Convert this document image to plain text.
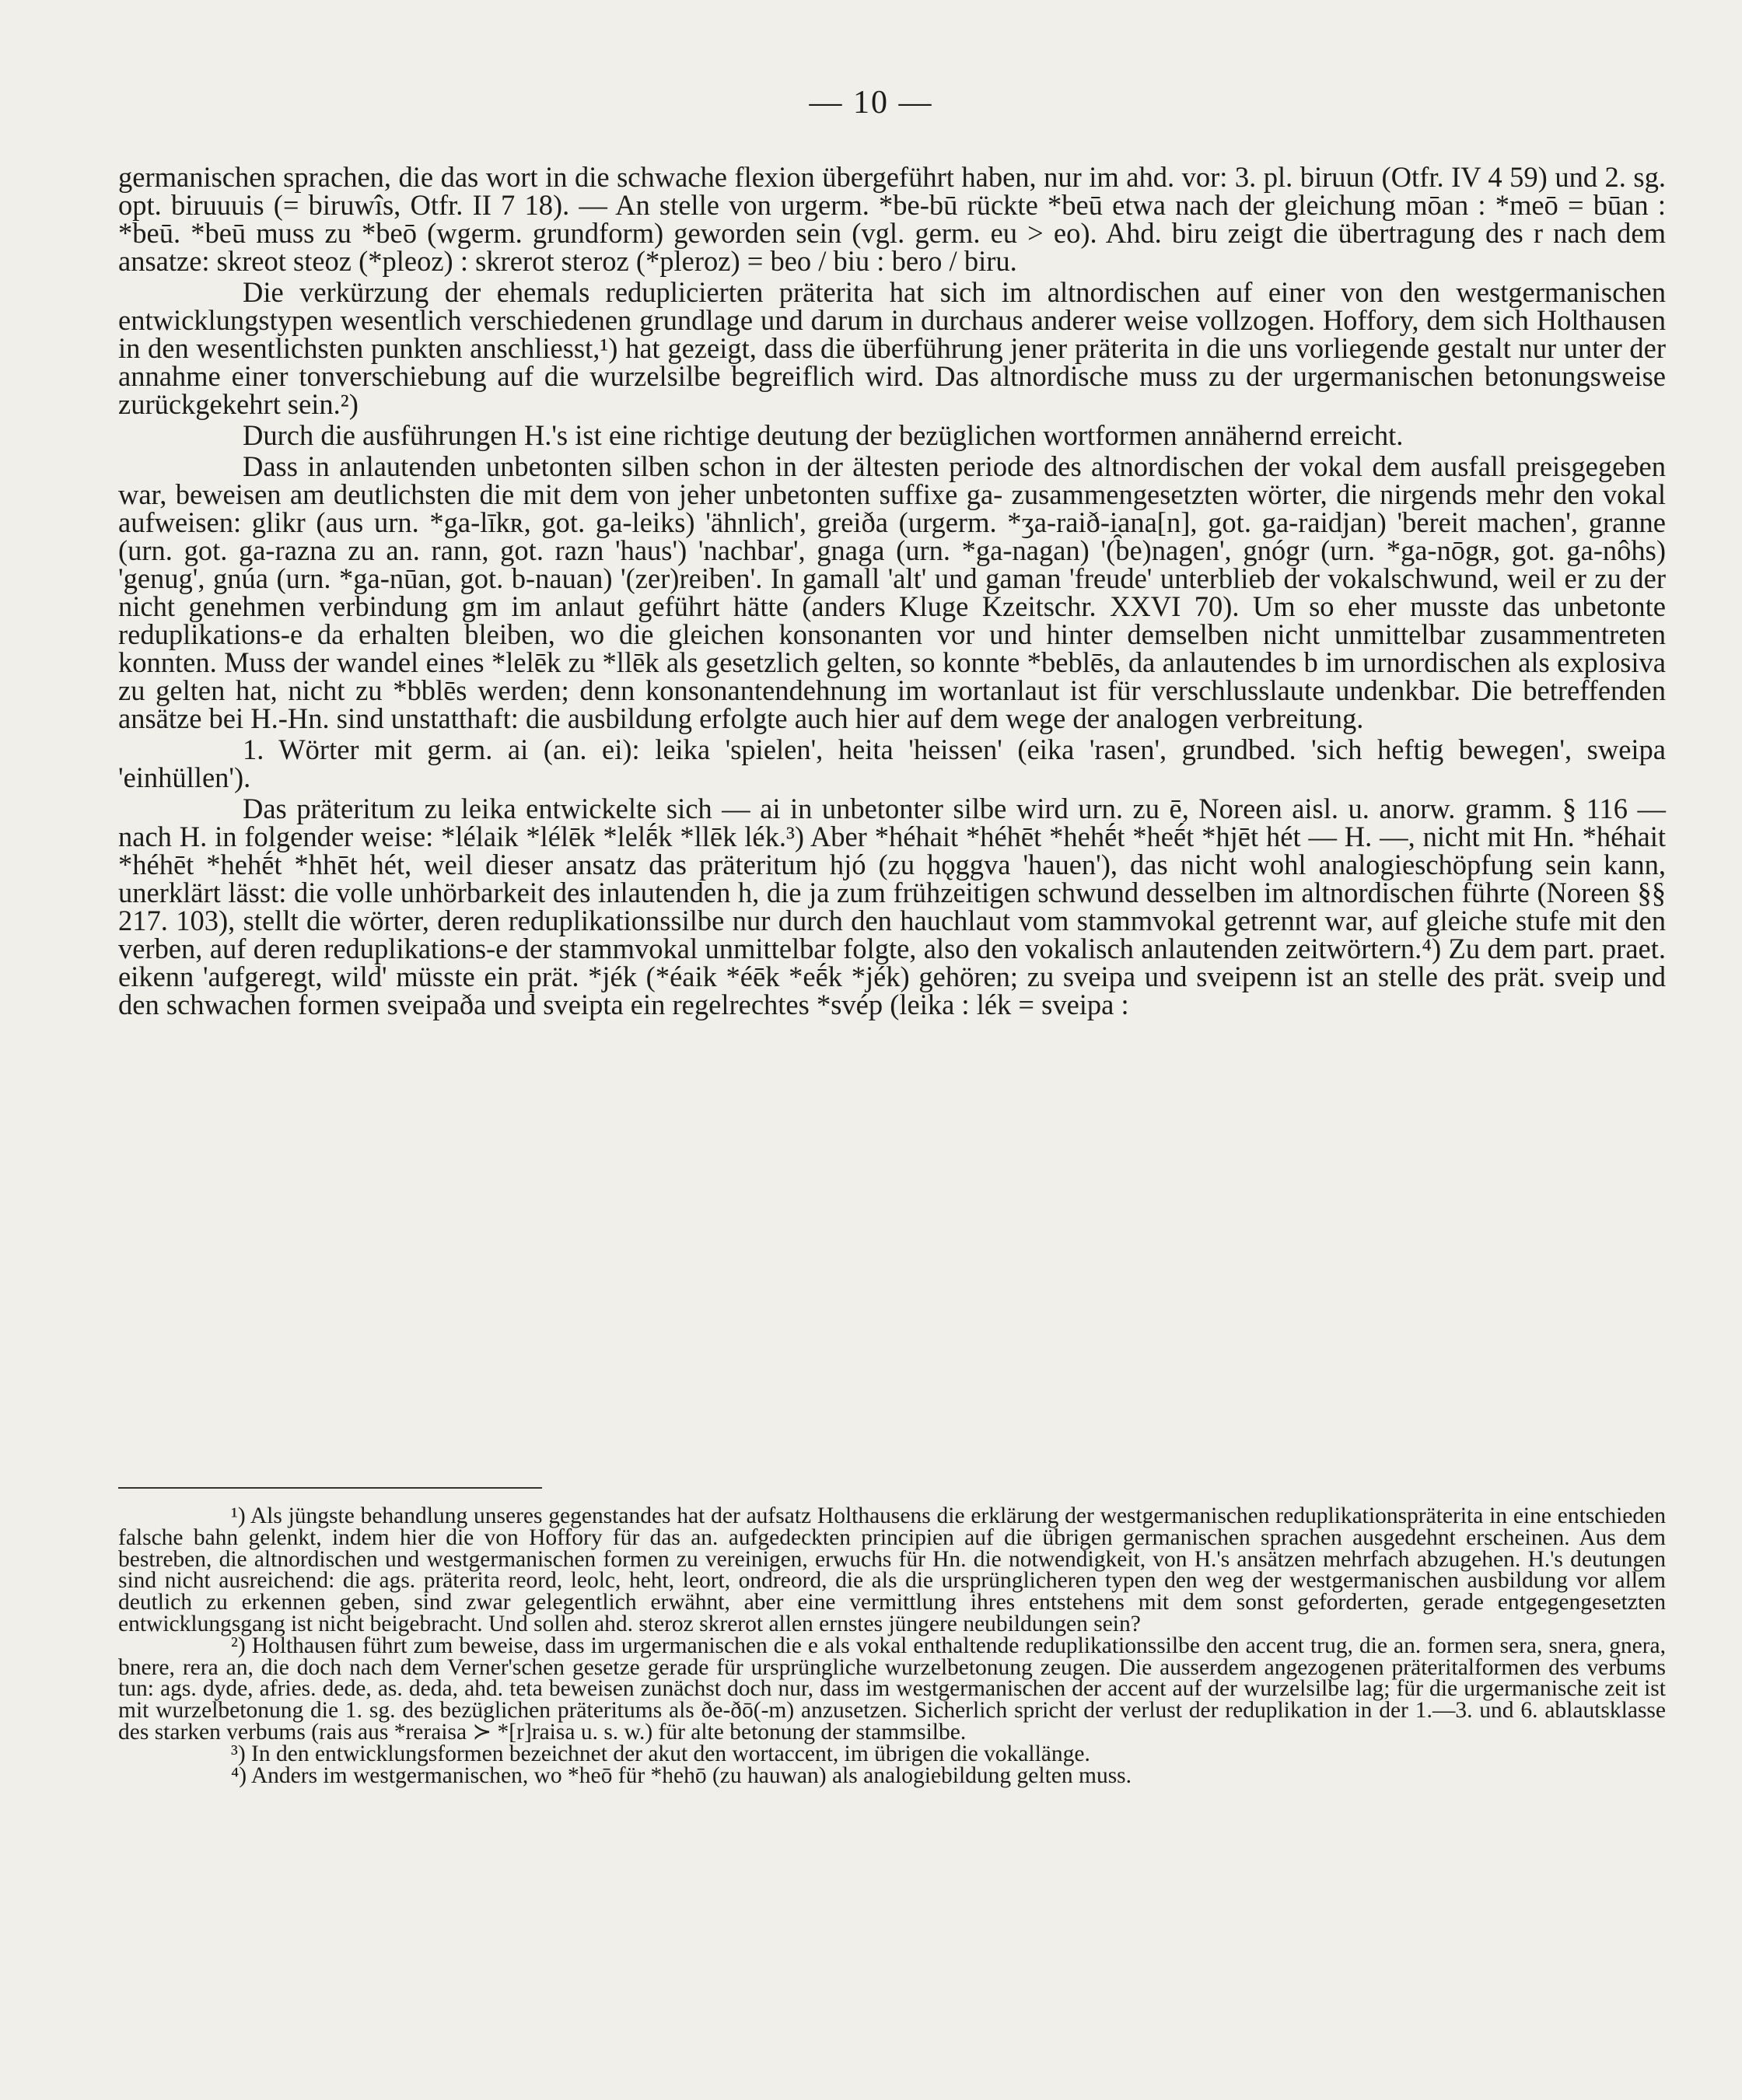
— 10 —

germanischen sprachen, die das wort in die schwache flexion übergeführt haben, nur im ahd. vor: 3. pl. biruun (Otfr. IV 4 59) und 2. sg. opt. biruuuis (= biruwîs, Otfr. II 7 18). — An stelle von urgerm. *be-bū rückte *beū etwa nach der gleichung mōan : *meō = būan : *beū. *beū muss zu *beō (wgerm. grundform) geworden sein (vgl. germ. eu > eo). Ahd. biru zeigt die übertragung des r nach dem ansatze: skreot steoz (*pleoz) : skrerot steroz (*pleroz) = beo / biu : bero / biru.

Die verkürzung der ehemals reduplicierten präterita hat sich im altnordischen auf einer von den westgermanischen entwicklungstypen wesentlich verschiedenen grundlage und darum in durchaus anderer weise vollzogen. Hoffory, dem sich Holthausen in den wesentlichsten punkten anschliesst,¹) hat gezeigt, dass die überführung jener präterita in die uns vorliegende gestalt nur unter der annahme einer tonverschiebung auf die wurzelsilbe begreiflich wird. Das altnordische muss zu der urgermanischen betonungsweise zurückgekehrt sein.²)

Durch die ausführungen H.'s ist eine richtige deutung der bezüglichen wortformen annähernd erreicht.

Dass in anlautenden unbetonten silben schon in der ältesten periode des altnordischen der vokal dem ausfall preisgegeben war, beweisen am deutlichsten die mit dem von jeher unbetonten suffixe ga- zusammengesetzten wörter, die nirgends mehr den vokal aufweisen: glikr (aus urn. *ga-līkʀ, got. ga-leiks) 'ähnlich', greiða (urgerm. *ʒa-raið-i̯ana[n], got. ga-raidjan) 'bereit machen', granne (urn. got. ga-razna zu an. rann, got. razn 'haus') 'nachbar', gnaga (urn. *ga-nagan) '(be)nagen', gnógr (urn. *ga-nōgʀ, got. ga-nôhs) 'genug', gnúa (urn. *ga-nūan, got. b-nauan) '(zer)reiben'. In gamall 'alt' und gaman 'freude' unterblieb der vokalschwund, weil er zu der nicht genehmen verbindung gm im anlaut geführt hätte (anders Kluge Kzeitschr. XXVI 70). Um so eher musste das unbetonte reduplikations-e da erhalten bleiben, wo die gleichen konsonanten vor und hinter demselben nicht unmittelbar zusammentreten konnten. Muss der wandel eines *lelēk zu *llēk als gesetzlich gelten, so konnte *beblēs, da anlautendes b im urnordischen als explosiva zu gelten hat, nicht zu *bblēs werden; denn konsonantendehnung im wortanlaut ist für verschlusslaute undenkbar. Die betreffenden ansätze bei H.-Hn. sind unstatthaft: die ausbildung erfolgte auch hier auf dem wege der analogen verbreitung.

1. Wörter mit germ. ai (an. ei): leika 'spielen', heita 'heissen' (eika 'rasen', grundbed. 'sich heftig bewegen', sweipa 'einhüllen').

Das präteritum zu leika entwickelte sich — ai in unbetonter silbe wird urn. zu ē, Noreen aisl. u. anorw. gramm. § 116 — nach H. in folgender weise: *lélaik *lélēk *lelḗk *llēk lék.³) Aber *héhait *héhēt *hehḗt *heḗt *hjēt hét — H. —, nicht mit Hn. *héhait *héhēt *hehḗt *hhēt hét, weil dieser ansatz das präteritum hjó (zu hǫggva 'hauen'), das nicht wohl analogieschöpfung sein kann, unerklärt lässt: die volle unhörbarkeit des inlautenden h, die ja zum frühzeitigen schwund desselben im altnordischen führte (Noreen §§ 217. 103), stellt die wörter, deren reduplikationssilbe nur durch den hauchlaut vom stammvokal getrennt war, auf gleiche stufe mit den verben, auf deren reduplikations-e der stammvokal unmittelbar folgte, also den vokalisch anlautenden zeitwörtern.⁴) Zu dem part. praet. eikenn 'aufgeregt, wild' müsste ein prät. *jék (*éaik *éēk *eḗk *jék) gehören; zu sveipa und sveipenn ist an stelle des prät. sveip und den schwachen formen sveipaða und sveipta ein regelrechtes *svép (leika : lék = sveipa :

¹) Als jüngste behandlung unseres gegenstandes hat der aufsatz Holthausens die erklärung der westgermanischen reduplikationspräterita in eine entschieden falsche bahn gelenkt, indem hier die von Hoffory für das an. aufgedeckten principien auf die übrigen germanischen sprachen ausgedehnt erscheinen. Aus dem bestreben, die altnordischen und westgermanischen formen zu vereinigen, erwuchs für Hn. die notwendigkeit, von H.'s ansätzen mehrfach abzugehen. H.'s deutungen sind nicht ausreichend: die ags. präterita reord, leolc, heht, leort, ondreord, die als die ursprünglicheren typen den weg der westgermanischen ausbildung vor allem deutlich zu erkennen geben, sind zwar gelegentlich erwähnt, aber eine vermittlung ihres entstehens mit dem sonst geforderten, gerade entgegengesetzten entwicklungsgang ist nicht beigebracht. Und sollen ahd. steroz skrerot allen ernstes jüngere neubildungen sein?

²) Holthausen führt zum beweise, dass im urgermanischen die e als vokal enthaltende reduplikationssilbe den accent trug, die an. formen sera, snera, gnera, bnere, rera an, die doch nach dem Verner'schen gesetze gerade für ursprüngliche wurzelbetonung zeugen. Die ausserdem angezogenen präteritalformen des verbums tun: ags. dyde, afries. dede, as. deda, ahd. teta beweisen zunächst doch nur, dass im westgermanischen der accent auf der wurzelsilbe lag; für die urgermanische zeit ist mit wurzelbetonung die 1. sg. des bezüglichen präteritums als ðe-ðō(-m) anzusetzen. Sicherlich spricht der verlust der reduplikation in der 1.—3. und 6. ablautsklasse des starken verbums (rais aus *reraisa ≻ *[r]raisa u. s. w.) für alte betonung der stammsilbe.

³) In den entwicklungsformen bezeichnet der akut den wortaccent, im übrigen die vokallänge.

⁴) Anders im westgermanischen, wo *heō für *hehō (zu hauwan) als analogiebildung gelten muss.
